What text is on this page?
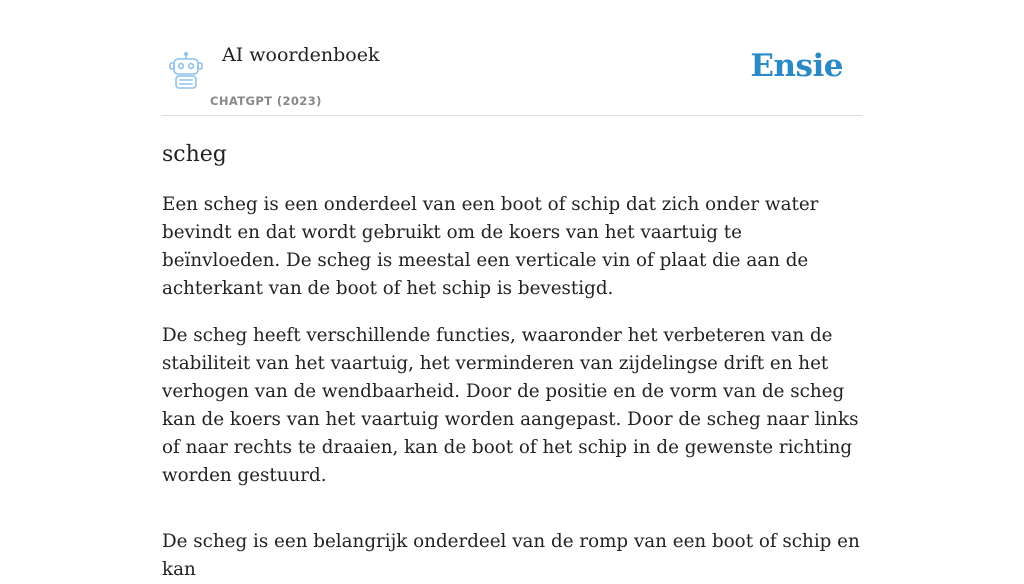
AI woordenboek
CHATGPT (2023)
Ensie
scheg

Een scheg is een onderdeel van een boot of schip dat zich onder water bevindt en dat wordt gebruikt om de koers van het vaartuig te beïnvloeden. De scheg is meestal een verticale vin of plaat die aan de achterkant van de boot of het schip is bevestigd.

De scheg heeft verschillende functies, waaronder het verbeteren van de stabiliteit van het vaartuig, het verminderen van zijdelingse drift en het verhogen van de wendbaarheid. Door de positie en de vorm van de scheg kan de koers van het vaartuig worden aangepast. Door de scheg naar links of naar rechts te draaien, kan de boot of het schip in de gewenste richting worden gestuurd.

De scheg is een belangrijk onderdeel van de romp van een boot of schip en kan
